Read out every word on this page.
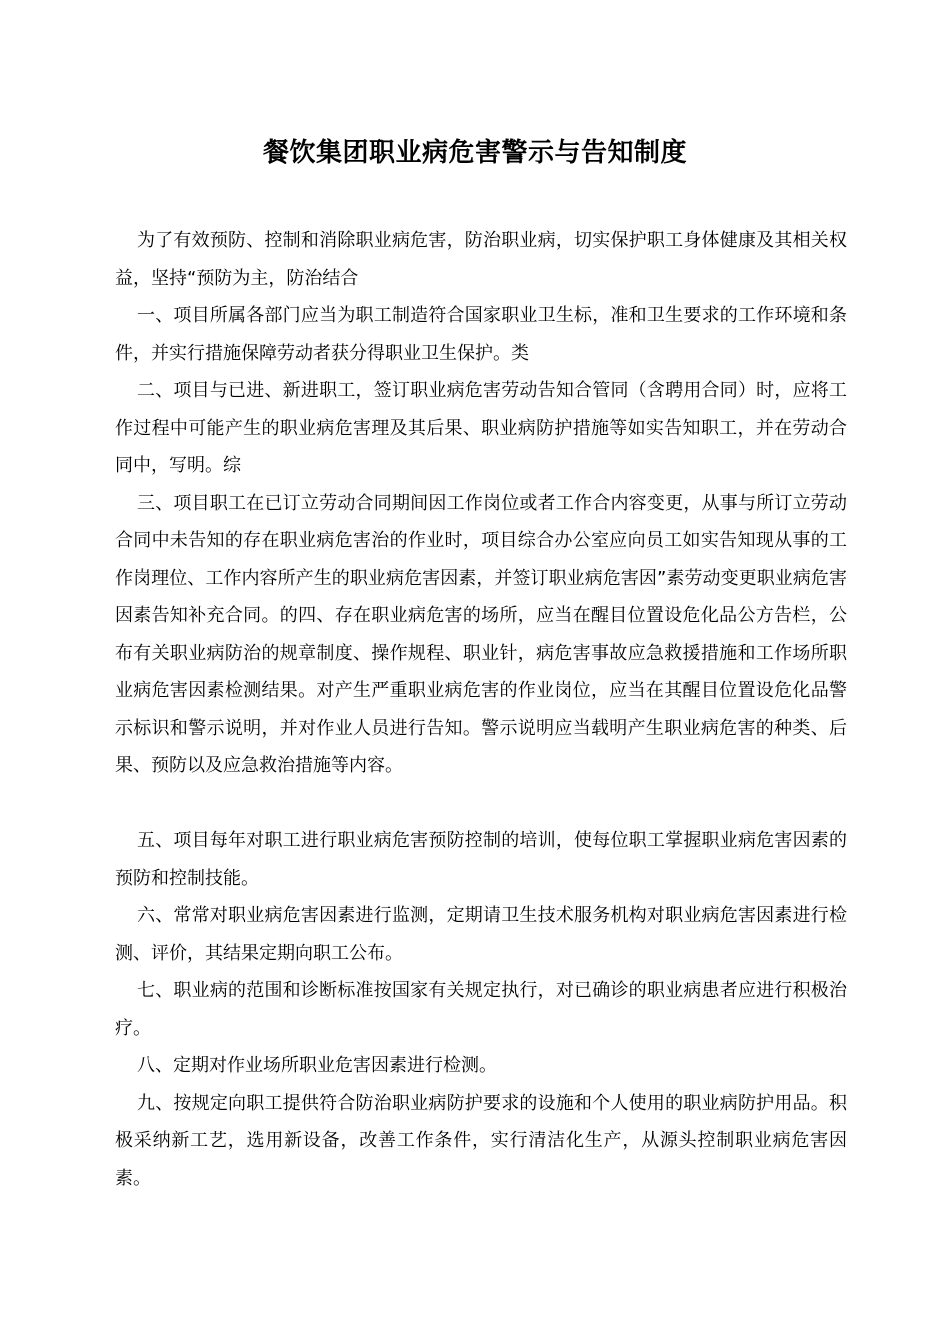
餐饮集团职业病危害警示与告知制度

为了有效预防、控制和消除职业病危害，防治职业病，切实保护职工身体健康及其相关权益，坚持“预防为主，防治结合

一、项目所属各部门应当为职工制造符合国家职业卫生标，准和卫生要求的工作环境和条件，并实行措施保障劳动者获分得职业卫生保护。类

二、项目与已进、新进职工，签订职业病危害劳动告知合管同（含聘用合同）时，应将工作过程中可能产生的职业病危害理及其后果、职业病防护措施等如实告知职工，并在劳动合同中，写明。综

三、项目职工在已订立劳动合同期间因工作岗位或者工作合内容变更，从事与所订立劳动合同中未告知的存在职业病危害治的作业时，项目综合办公室应向员工如实告知现从事的工作岗理位、工作内容所产生的职业病危害因素，并签订职业病危害因”素劳动变更职业病危害因素告知补充合同。的四、存在职业病危害的场所，应当在醒目位置设危化品公方告栏，公布有关职业病防治的规章制度、操作规程、职业针，病危害事故应急救援措施和工作场所职业病危害因素检测结果。对产生严重职业病危害的作业岗位，应当在其醒目位置设危化品警示标识和警示说明，并对作业人员进行告知。警示说明应当载明产生职业病危害的种类、后果、预防以及应急救治措施等内容。

五、项目每年对职工进行职业病危害预防控制的培训，使每位职工掌握职业病危害因素的预防和控制技能。

六、常常对职业病危害因素进行监测，定期请卫生技术服务机构对职业病危害因素进行检测、评价，其结果定期向职工公布。

七、职业病的范围和诊断标准按国家有关规定执行，对已确诊的职业病患者应进行积极治疗。

八、定期对作业场所职业危害因素进行检测。

九、按规定向职工提供符合防治职业病防护要求的设施和个人使用的职业病防护用品。积极采纳新工艺，选用新设备，改善工作条件，实行清洁化生产，从源头控制职业病危害因素。
